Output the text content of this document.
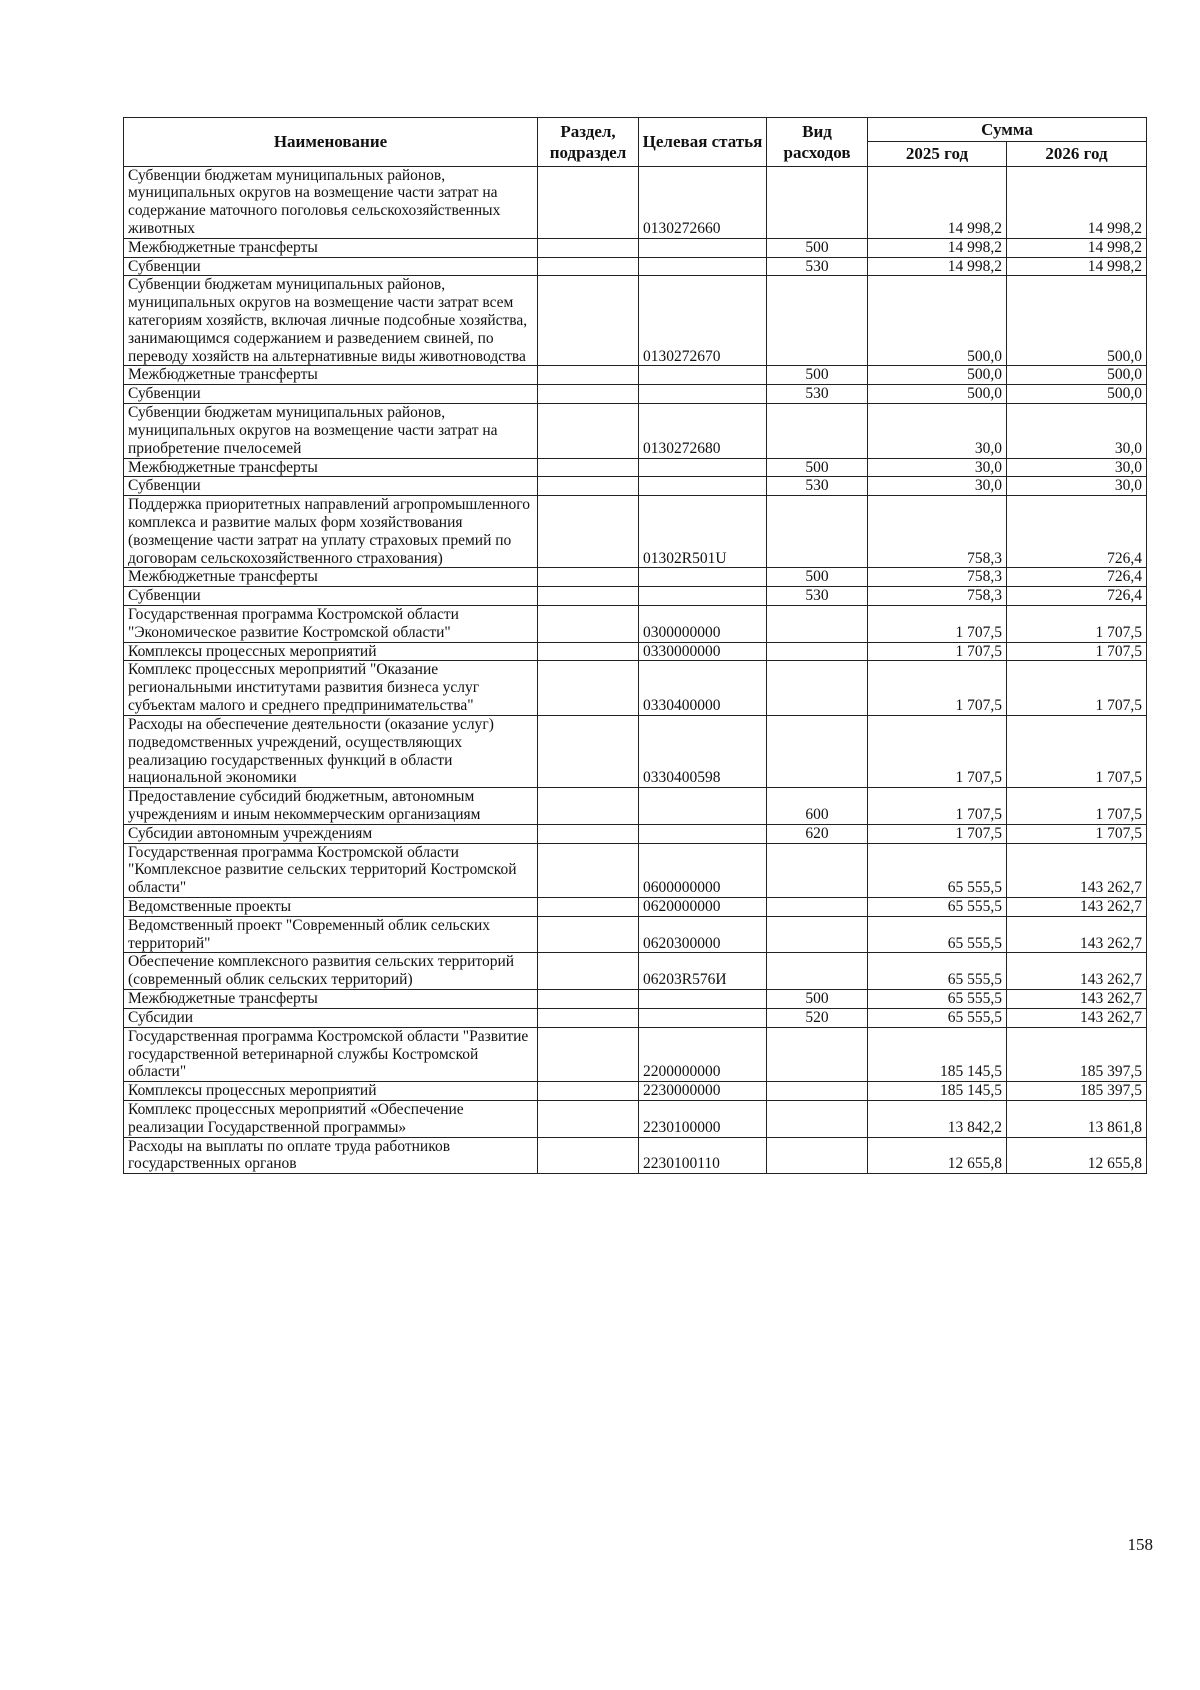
Наименование	Раздел, подраздел	Целевая статья	Вид расходов	Сумма	
				2025 год	2026 год
Субвенции бюджетам муниципальных районов, муниципальных округов на возмещение части затрат на содержание маточного поголовья сельскохозяйственных животных		0130272660		14 998,2	14 998,2
Межбюджетные трансферты			500	14 998,2	14 998,2
Субвенции			530	14 998,2	14 998,2
Субвенции бюджетам муниципальных районов, муниципальных округов на возмещение части затрат всем категориям хозяйств, включая личные подсобные хозяйства, занимающимся содержанием и разведением свиней, по переводу хозяйств на альтернативные виды животноводства		0130272670		500,0	500,0
Межбюджетные трансферты			500	500,0	500,0
Субвенции			530	500,0	500,0
Субвенции бюджетам муниципальных районов, муниципальных округов на возмещение части затрат на приобретение пчелосемей		0130272680		30,0	30,0
Межбюджетные трансферты			500	30,0	30,0
Субвенции			530	30,0	30,0
Поддержка приоритетных направлений агропромышленного комплекса и развитие малых форм хозяйствования (возмещение части затрат на уплату страховых премий по договорам сельскохозяйственного страхования)		01302R501U		758,3	726,4
Межбюджетные трансферты			500	758,3	726,4
Субвенции			530	758,3	726,4
Государственная программа Костромской области "Экономическое развитие Костромской области"		0300000000		1 707,5	1 707,5
Комплексы процессных мероприятий		0330000000		1 707,5	1 707,5
Комплекс процессных мероприятий "Оказание региональными институтами развития бизнеса услуг субъектам малого и среднего предпринимательства"		0330400000		1 707,5	1 707,5
Расходы на обеспечение деятельности (оказание услуг) подведомственных учреждений, осуществляющих реализацию государственных функций в области национальной экономики		0330400598		1 707,5	1 707,5
Предоставление субсидий бюджетным, автономным учреждениям и иным некоммерческим организациям			600	1 707,5	1 707,5
Субсидии автономным учреждениям			620	1 707,5	1 707,5
Государственная программа Костромской области "Комплексное развитие сельских территорий Костромской области"		0600000000		65 555,5	143 262,7
Ведомственные проекты		0620000000		65 555,5	143 262,7
Ведомственный проект "Современный облик сельских территорий"		0620300000		65 555,5	143 262,7
Обеспечение комплексного развития сельских территорий (современный облик сельских территорий)		06203R576И		65 555,5	143 262,7
Межбюджетные трансферты			500	65 555,5	143 262,7
Субсидии			520	65 555,5	143 262,7
Государственная программа Костромской области "Развитие государственной ветеринарной службы Костромской области"		2200000000		185 145,5	185 397,5
Комплексы процессных мероприятий		2230000000		185 145,5	185 397,5
Комплекс процессных мероприятий «Обеспечение реализации Государственной программы»		2230100000		13 842,2	13 861,8
Расходы на выплаты по оплате труда работников государственных органов		2230100110		12 655,8	12 655,8
158
